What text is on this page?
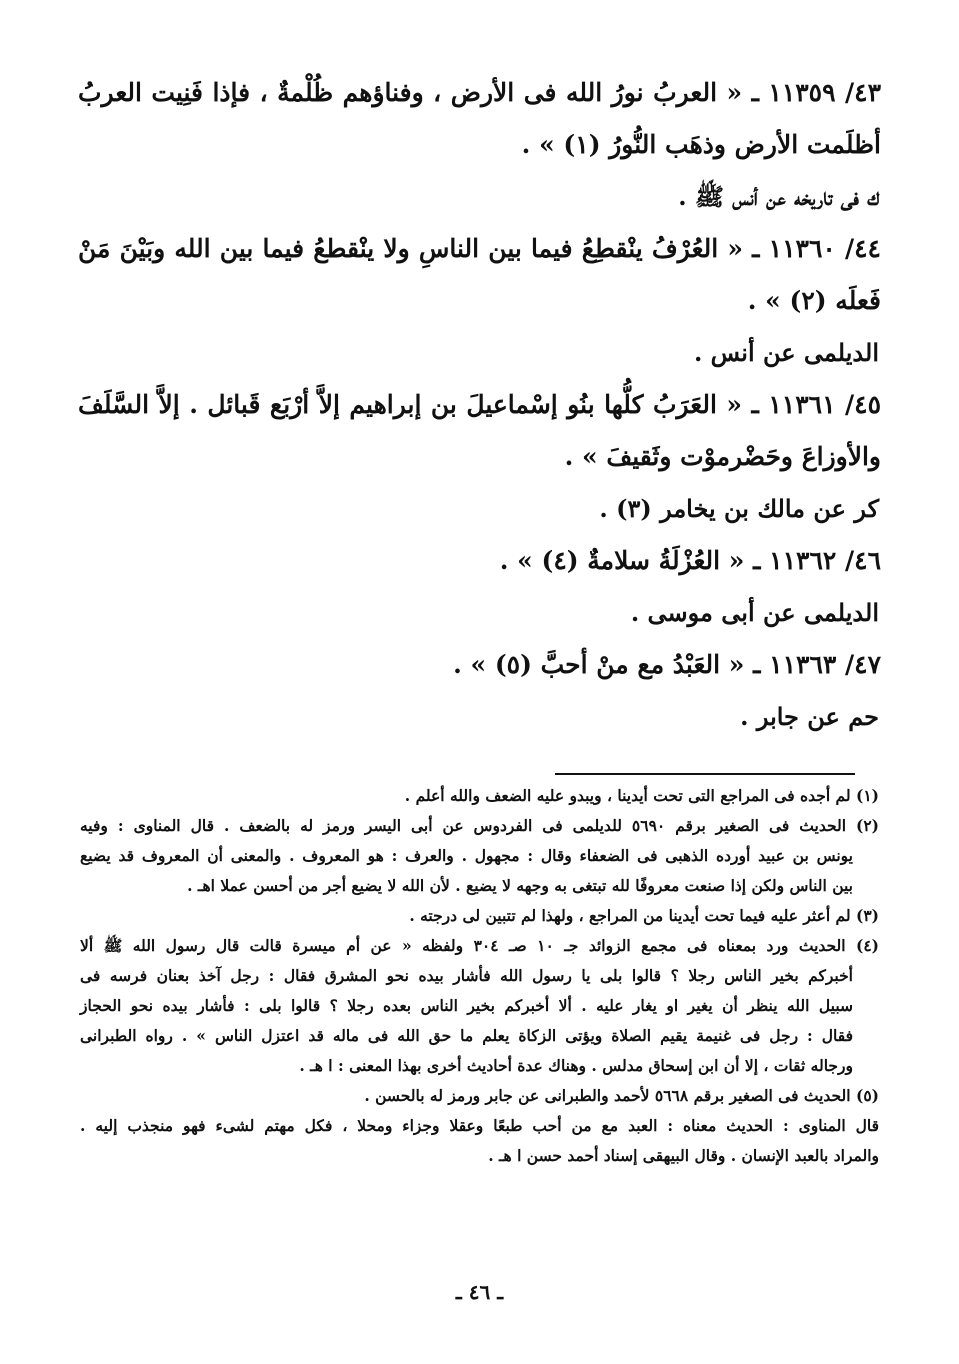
٤٣/ ١١٣٥٩ ـ « العربُ نورُ الله فى الأرض ، وفناؤهم ظُلْمةٌ ، فإذا فَنِيت العربُ
أظلَمت الأرض وذهَب النُّورُ (١) » .
ك فى تاريخه عن أنس ﷺ .
٤٤/ ١١٣٦٠ ـ « العُرْفُ ينْقطِعُ فيما بين الناسِ ولا ينْقطعُ فيما بين الله وبَيْنَ مَنْ
فَعلَه (٢) » .
الديلمى عن أنس .
٤٥/ ١١٣٦١ ـ « العَرَبُ كلُّها بنُو إسْماعيلَ بن إبراهيم إلاَّ أرْبَع قَبائل . إلاَّ السَّلَفَ
والأوزاعَ وحَضْرموْت وثَقيفَ » .
كر عن مالك بن يخامر (٣) .
٤٦/ ١١٣٦٢ ـ « العُزْلَةُ سلامةٌ (٤) » .
الديلمى عن أبى موسى .
٤٧/ ١١٣٦٣ ـ « العَبْدُ مع منْ أحبَّ (٥) » .
حم عن جابر .
(١) لم أجده فى المراجع التى تحت أيدينا ، ويبدو عليه الضعف والله أعلم .
(٢) الحديث فى الصغير برقم ٥٦٩٠ للديلمى فى الفردوس عن أبى اليسر ورمز له بالضعف . قال المناوى : وفيه
يونس بن عبيد أورده الذهبى فى الضعفاء وقال : مجهول . والعرف : هو المعروف . والمعنى أن المعروف قد يضيع
بين الناس ولكن إذا صنعت معروفًا لله تبتغى به وجهه لا يضيع . لأن الله لا يضيع أجر من أحسن عملا اهـ .
(٣) لم أعثر عليه فيما تحت أيدينا من المراجع ، ولهذا لم تتبين لى درجته .
(٤) الحديث ورد بمعناه فى مجمع الزوائد جـ ١٠ صـ ٣٠٤ ولفظه « عن أم ميسرة قالت قال رسول الله ﷺ ألا
أخبركم بخير الناس رجلا ؟ قالوا بلى يا رسول الله فأشار بيده نحو المشرق فقال : رجل آخذ بعنان فرسه فى
سبيل الله ينظر أن يغير او يغار عليه . ألا أخبركم بخير الناس بعده رجلا ؟ قالوا بلى : فأشار بيده نحو الحجاز
فقال : رجل فى غنيمة يقيم الصلاة ويؤتى الزكاة يعلم ما حق الله فى ماله قد اعتزل الناس » . رواه الطبرانى
ورجاله ثقات ، إلا أن ابن إسحاق مدلس . وهناك عدة أحاديث أخرى بهذا المعنى : ا هـ .
(٥) الحديث فى الصغير برقم ٥٦٦٨ لأحمد والطبرانى عن جابر ورمز له بالحسن .
قال المناوى : الحديث معناه : العبد مع من أحب طبعًا وعقلا وجزاء ومحلا ، فكل مهتم لشىء فهو منجذب إليه .
والمراد بالعبد الإنسان . وقال البيهقى إسناد أحمد حسن ا هـ .
ـ ٤٦ ـ
